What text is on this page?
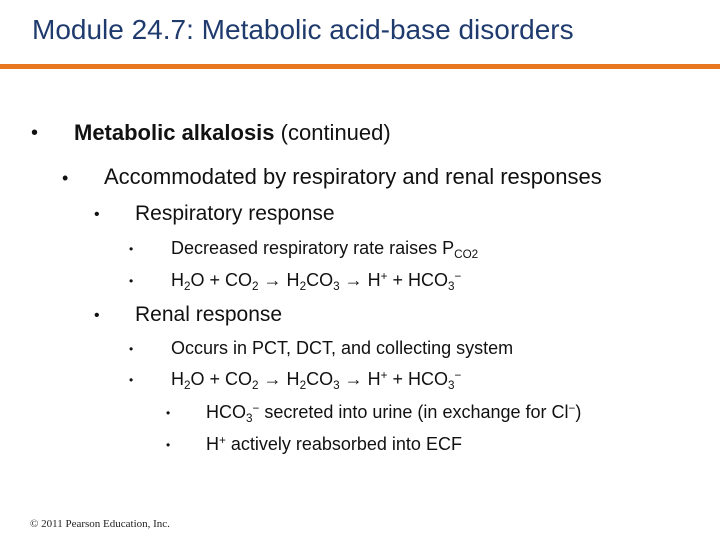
Module 24.7: Metabolic acid-base disorders
• Metabolic alkalosis (continued)
• Accommodated by respiratory and renal responses
• Respiratory response
• Decreased respiratory rate raises $P_{CO2}$
• $H_2O + CO_2 \to H_2CO_3 \to H^+ + HCO_3^-$
• Renal response
• Occurs in PCT, DCT, and collecting system
• $H_2O + CO_2 \to H_2CO_3 \to H^+ + HCO_3^-$
• $HCO_3^-$ secreted into urine (in exchange for Cl−)
• H+ actively reabsorbed into ECF
© 2011 Pearson Education, Inc.
